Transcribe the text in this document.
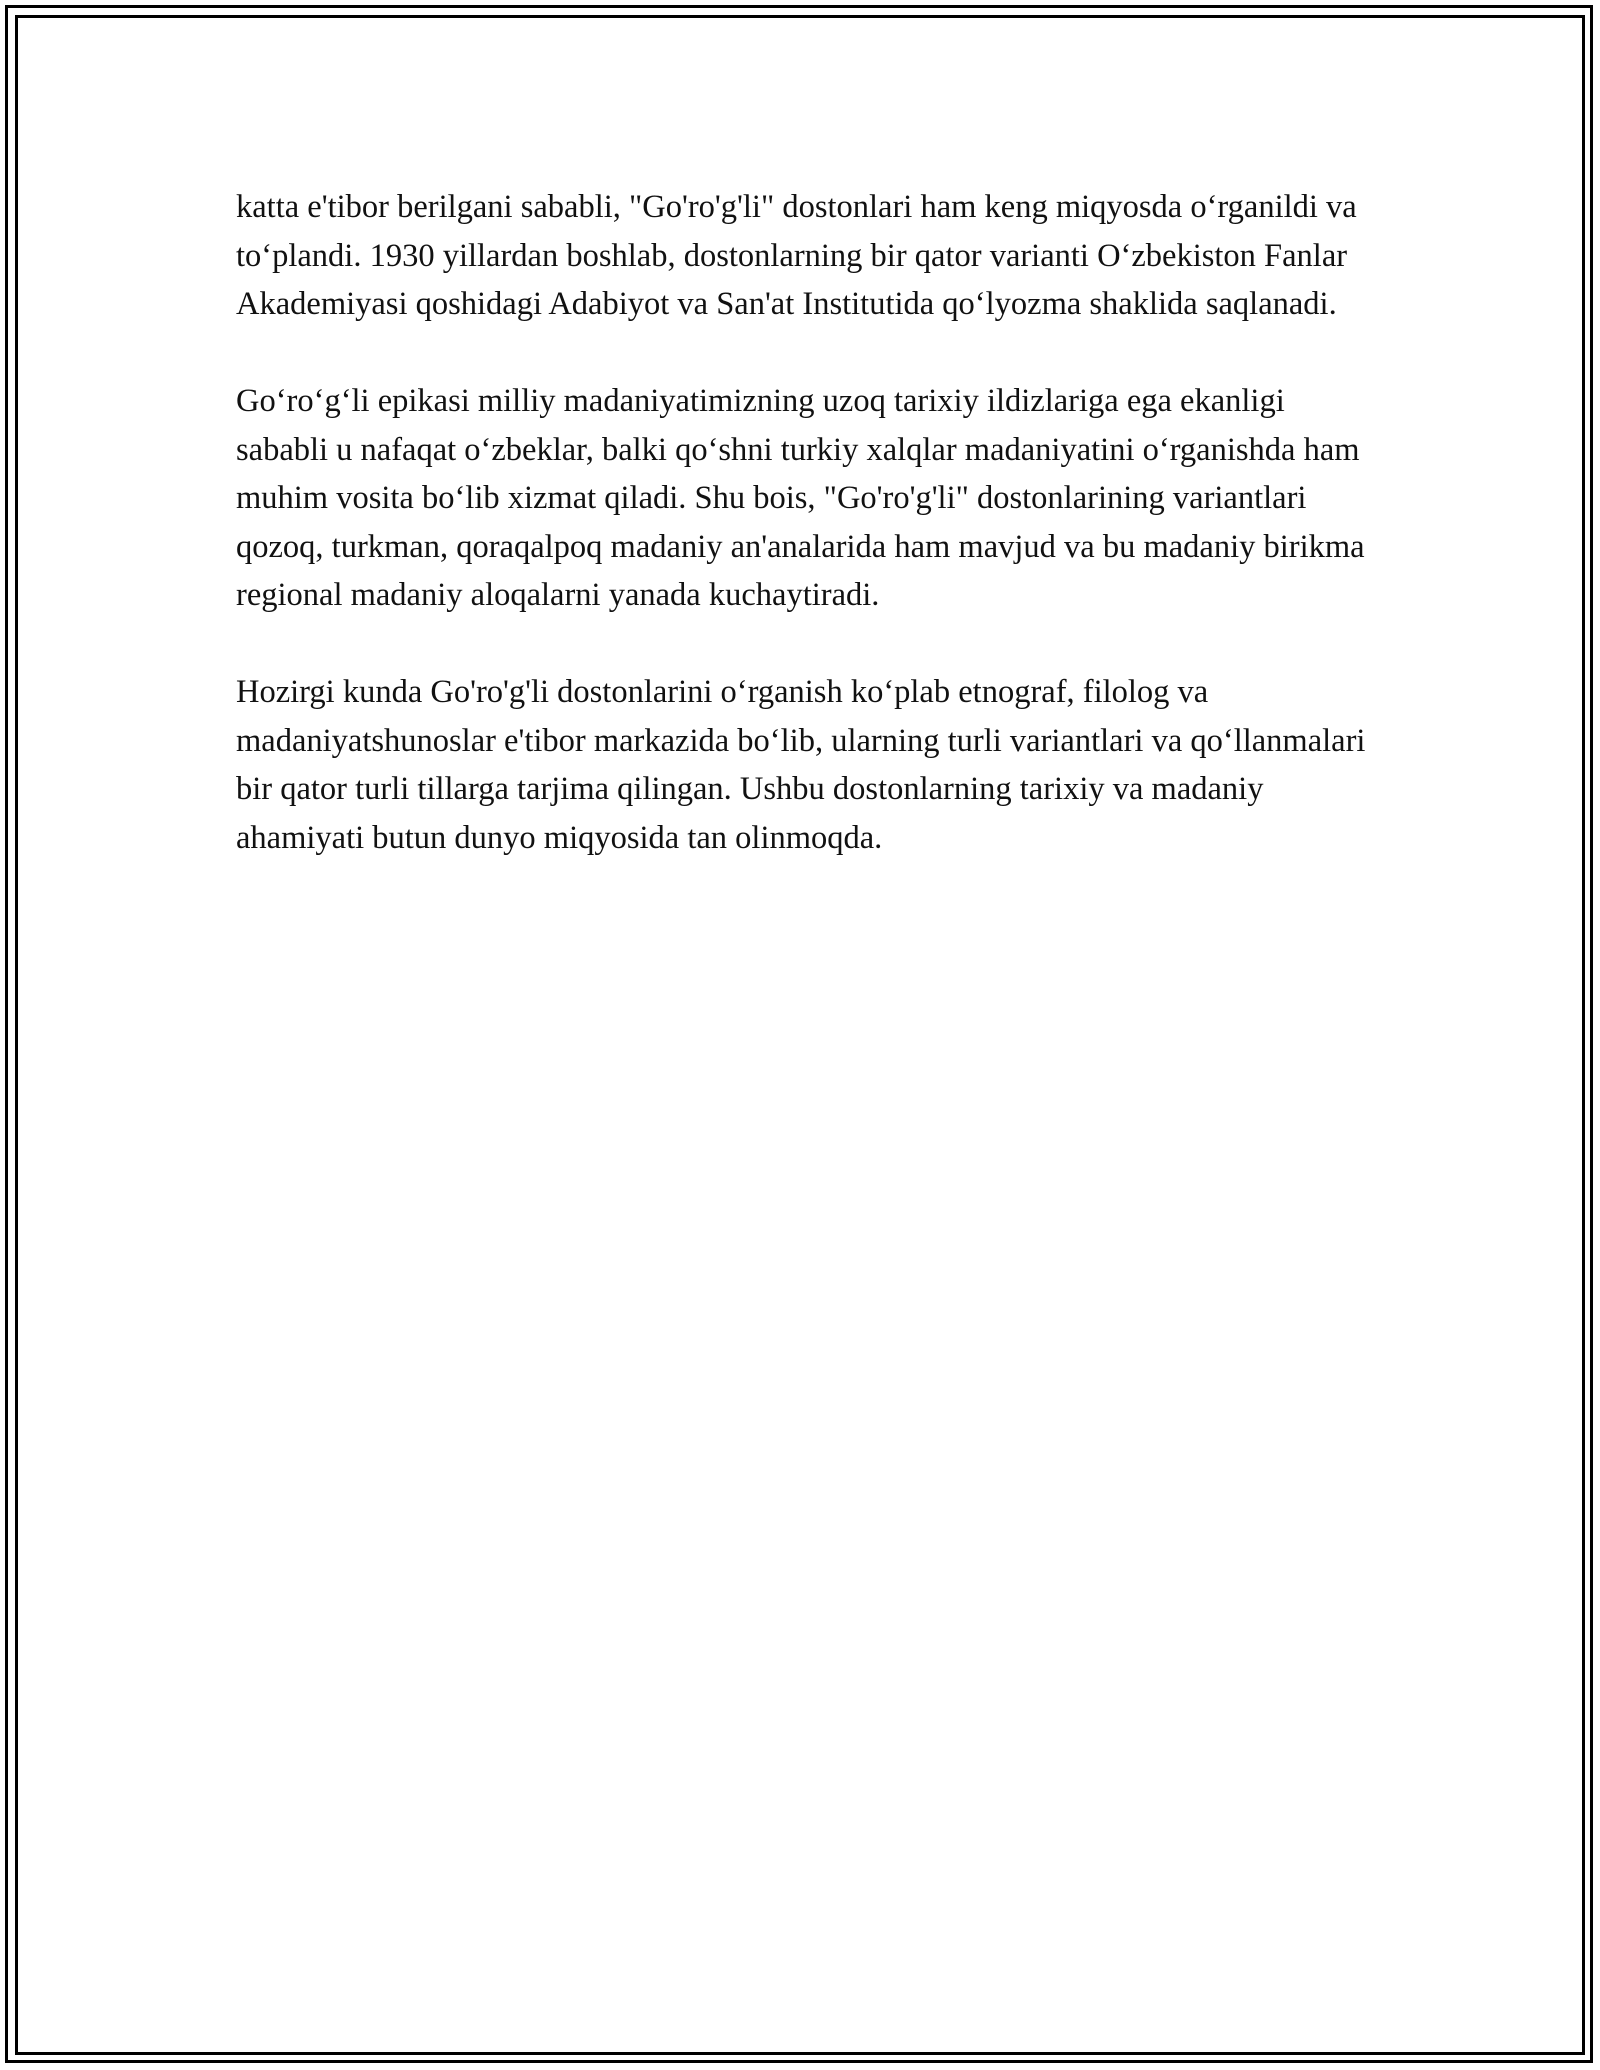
katta e'tibor berilgani sababli, "Go'ro'g'li" dostonlari ham keng miqyosda o‘rganildi va to‘plandi. 1930 yillardan boshlab, dostonlarning bir qator varianti O‘zbekiston Fanlar Akademiyasi qoshidagi Adabiyot va San'at Institutida qo‘lyozma shaklida saqlanadi.

Go‘ro‘g‘li epikasi milliy madaniyatimizning uzoq tarixiy ildizlariga ega ekanligi sababli u nafaqat o‘zbeklar, balki qo‘shni turkiy xalqlar madaniyatini o‘rganishda ham muhim vosita bo‘lib xizmat qiladi. Shu bois, "Go'ro'g'li" dostonlarining variantlari qozoq, turkman, qoraqalpoq madaniy an'analarida ham mavjud va bu madaniy birikma regional madaniy aloqalarni yanada kuchaytiradi.

Hozirgi kunda Go'ro'g'li dostonlarini o‘rganish ko‘plab etnograf, filolog va madaniyatshunoslar e'tibor markazida bo‘lib, ularning turli variantlari va qo‘llanmalari bir qator turli tillarga tarjima qilingan. Ushbu dostonlarning tarixiy va madaniy ahamiyati butun dunyo miqyosida tan olinmoqda.
